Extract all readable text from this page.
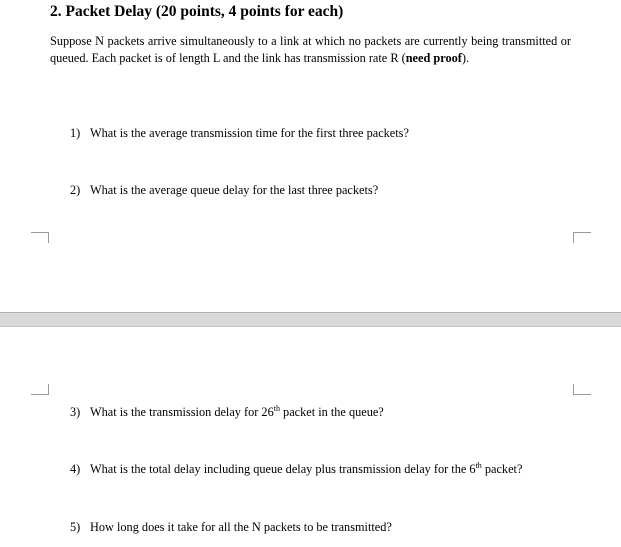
2. Packet Delay (20 points, 4 points for each)

Suppose N packets arrive simultaneously to a link at which no packets are currently being transmitted or queued. Each packet is of length L and the link has transmission rate R (need proof).

1) What is the average transmission time for the first three packets?
2) What is the average queue delay for the last three packets?
3) What is the transmission delay for 26th packet in the queue?
4) What is the total delay including queue delay plus transmission delay for the 6th packet?
5) How long does it take for all the N packets to be transmitted?
